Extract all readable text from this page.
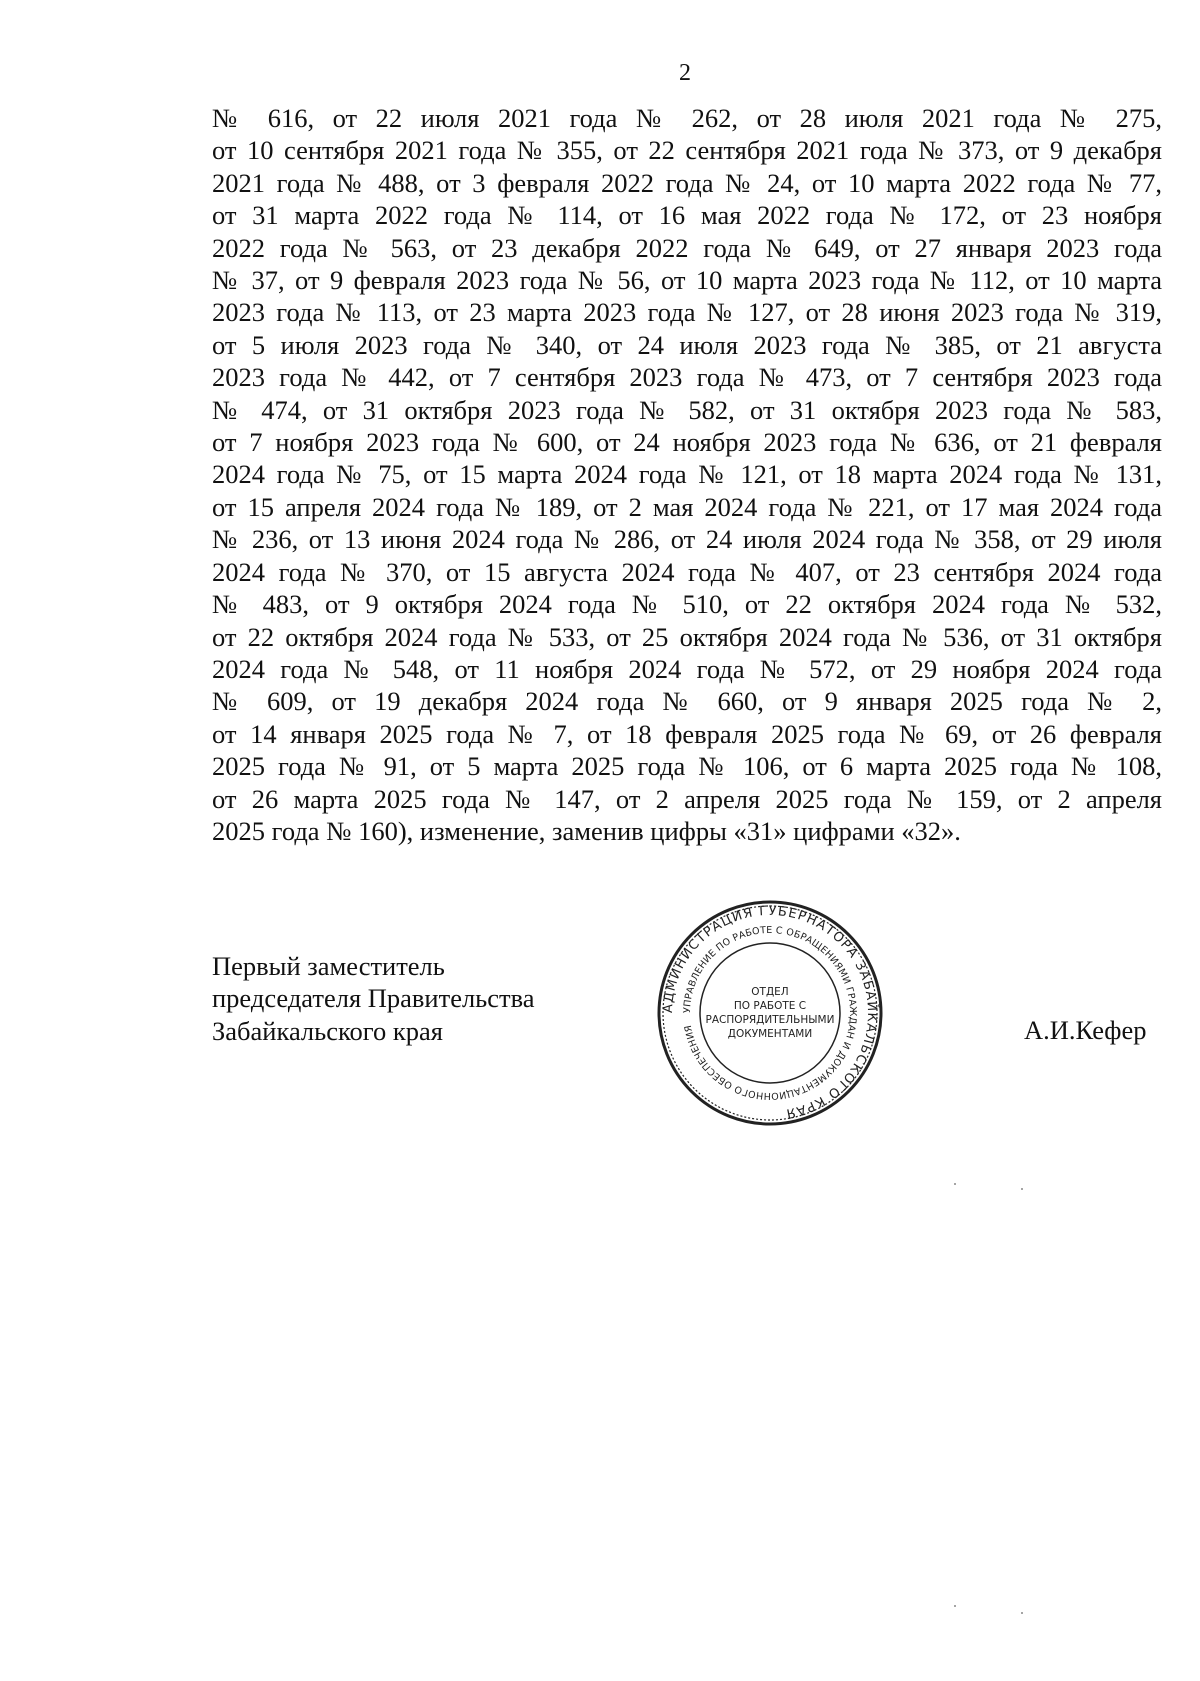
2
№ 616, от 22 июля 2021 года № 262, от 28 июля 2021 года № 275,
от 10 сентября 2021 года № 355, от 22 сентября 2021 года № 373, от 9 декабря
2021 года № 488, от 3 февраля 2022 года № 24, от 10 марта 2022 года № 77,
от 31 марта 2022 года № 114, от 16 мая 2022 года № 172, от 23 ноября
2022 года № 563, от 23 декабря 2022 года № 649, от 27 января 2023 года
№ 37, от 9 февраля 2023 года № 56, от 10 марта 2023 года № 112, от 10 марта
2023 года № 113, от 23 марта 2023 года № 127, от 28 июня 2023 года № 319,
от 5 июля 2023 года № 340, от 24 июля 2023 года № 385, от 21 августа
2023 года № 442, от 7 сентября 2023 года № 473, от 7 сентября 2023 года
№ 474, от 31 октября 2023 года № 582, от 31 октября 2023 года № 583,
от 7 ноября 2023 года № 600, от 24 ноября 2023 года № 636, от 21 февраля
2024 года № 75, от 15 марта 2024 года № 121, от 18 марта 2024 года № 131,
от 15 апреля 2024 года № 189, от 2 мая 2024 года № 221, от 17 мая 2024 года
№ 236, от 13 июня 2024 года № 286, от 24 июля 2024 года № 358, от 29 июля
2024 года № 370, от 15 августа 2024 года № 407, от 23 сентября 2024 года
№ 483, от 9 октября 2024 года № 510, от 22 октября 2024 года № 532,
от 22 октября 2024 года № 533, от 25 октября 2024 года № 536, от 31 октября
2024 года № 548, от 11 ноября 2024 года № 572, от 29 ноября 2024 года
№ 609, от 19 декабря 2024 года № 660, от 9 января 2025 года № 2,
от 14 января 2025 года № 7, от 18 февраля 2025 года № 69, от 26 февраля
2025 года № 91, от 5 марта 2025 года № 106, от 6 марта 2025 года № 108,
от 26 марта 2025 года № 147, от 2 апреля 2025 года № 159, от 2 апреля
2025 года № 160), изменение, заменив цифры «31» цифрами «32».
Первый заместитель
председателя Правительства
Забайкальского края	А.И.Кефер
АДМИНИСТРАЦИЯ ГУБЕРНАТОРА ЗАБАЙКАЛЬСКОГО КРАЯ
УПРАВЛЕНИЕ ПО РАБОТЕ С ОБРАЩЕНИЯМИ ГРАЖДАН И ДОКУМЕНТАЦИОННОГО ОБЕСПЕЧЕНИЯ
ОТДЕЛ
ПО РАБОТЕ С
РАСПОРЯДИТЕЛЬНЫМИ
ДОКУМЕНТАМИ
